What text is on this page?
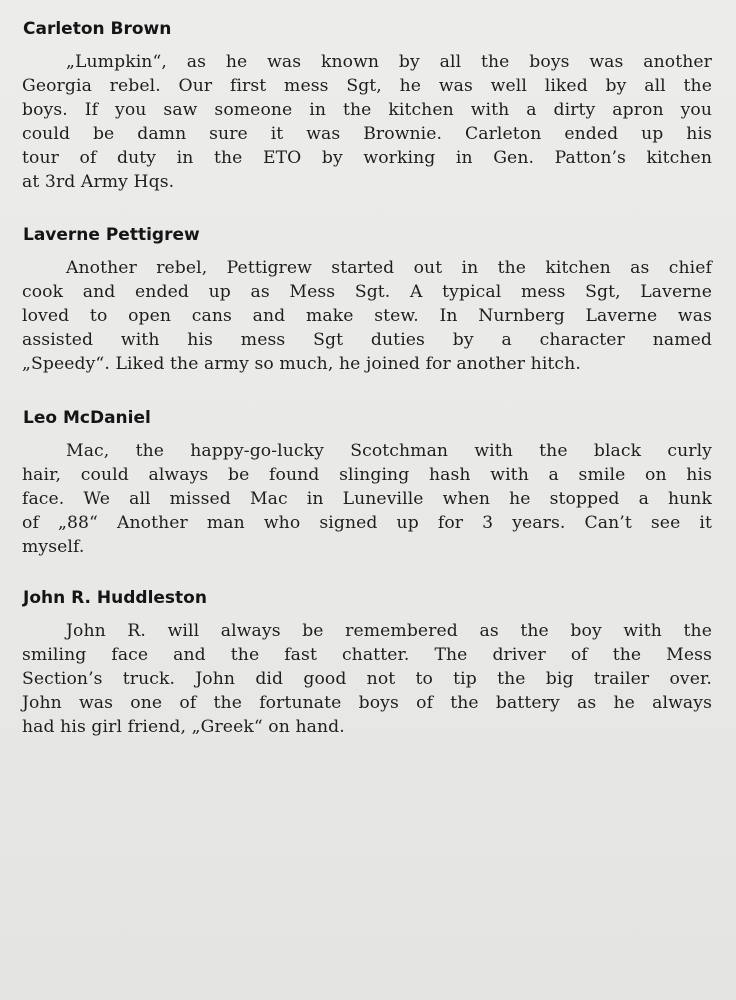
Carleton Brown
„Lumpkin“, as he was known by all the boys was another
Georgia rebel. Our first mess Sgt, he was well liked by all the
boys. If you saw someone in the kitchen with a dirty apron you
could be damn sure it was Brownie. Carleton ended up his
tour of duty in the ETO by working in Gen. Patton’s kitchen
at 3rd Army Hqs.
Laverne Pettigrew
Another rebel, Pettigrew started out in the kitchen as chief
cook and ended up as Mess Sgt. A typical mess Sgt, Laverne
loved to open cans and make stew. In Nurnberg Laverne was
assisted with his mess Sgt duties by a character named
„Speedy“. Liked the army so much, he joined for another hitch.
Leo McDaniel
Mac, the happy-go-lucky Scotchman with the black curly
hair, could always be found slinging hash with a smile on his
face. We all missed Mac in Luneville when he stopped a hunk
of „88“ Another man who signed up for 3 years. Can’t see it
myself.
John R. Huddleston
John R. will always be remembered as the boy with the
smiling face and the fast chatter. The driver of the Mess
Section’s truck. John did good not to tip the big trailer over.
John was one of the fortunate boys of the battery as he always
had his girl friend, „Greek“ on hand.
